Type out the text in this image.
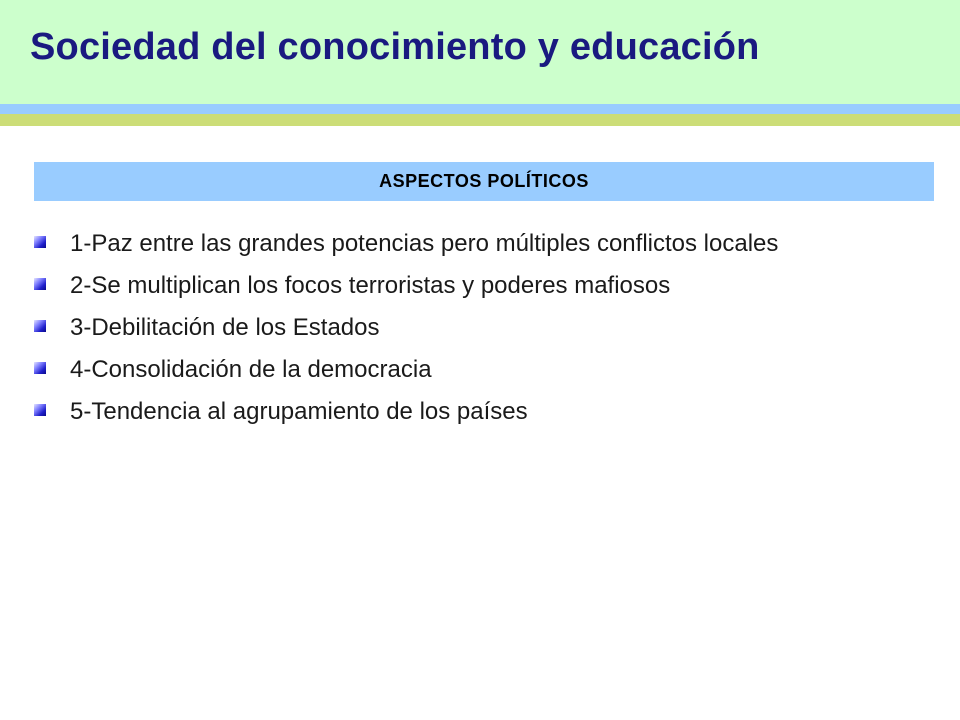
Sociedad del conocimiento y educación
ASPECTOS POLÍTICOS
1-Paz entre las grandes potencias pero múltiples conflictos locales
2-Se multiplican los focos terroristas y poderes mafiosos
3-Debilitación de los Estados
4-Consolidación de la democracia
5-Tendencia al agrupamiento de los países
